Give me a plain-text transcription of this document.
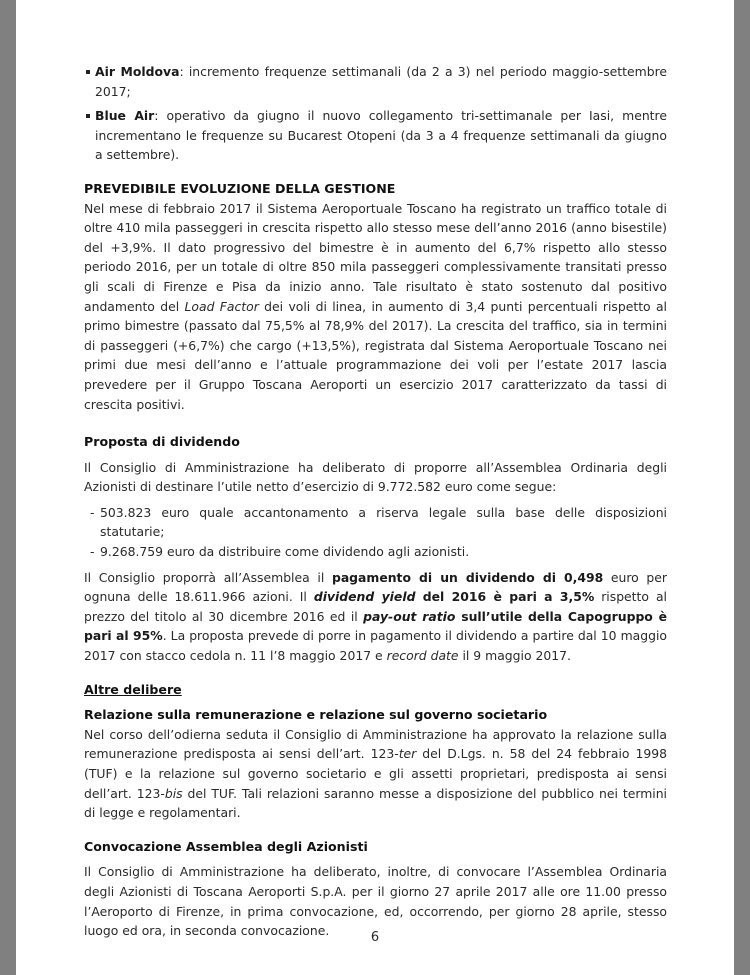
Air Moldova: incremento frequenze settimanali (da 2 a 3) nel periodo maggio-settembre 2017;
Blue Air: operativo da giugno il nuovo collegamento tri-settimanale per Iasi, mentre incrementano le frequenze su Bucarest Otopeni (da 3 a 4 frequenze settimanali da giugno a settembre).
PREVEDIBILE EVOLUZIONE DELLA GESTIONE

Nel mese di febbraio 2017 il Sistema Aeroportuale Toscano ha registrato un traffico totale di oltre 410 mila passeggeri in crescita rispetto allo stesso mese dell’anno 2016 (anno bisestile) del +3,9%. Il dato progressivo del bimestre è in aumento del 6,7% rispetto allo stesso periodo 2016, per un totale di oltre 850 mila passeggeri complessivamente transitati presso gli scali di Firenze e Pisa da inizio anno. Tale risultato è stato sostenuto dal positivo andamento del Load Factor dei voli di linea, in aumento di 3,4 punti percentuali rispetto al primo bimestre (passato dal 75,5% al 78,9% del 2017). La crescita del traffico, sia in termini di passeggeri (+6,7%) che cargo (+13,5%), registrata dal Sistema Aeroportuale Toscano nei primi due mesi dell’anno e l’attuale programmazione dei voli per l’estate 2017 lascia prevedere per il Gruppo Toscana Aeroporti un esercizio 2017 caratterizzato da tassi di crescita positivi.

Proposta di dividendo

Il Consiglio di Amministrazione ha deliberato di proporre all’Assemblea Ordinaria degli Azionisti di destinare l’utile netto d’esercizio di 9.772.582 euro come segue:

- 503.823 euro quale accantonamento a riserva legale sulla base delle disposizioni statutarie;
- 9.268.759 euro da distribuire come dividendo agli azionisti.

Il Consiglio proporrà all’Assemblea il pagamento di un dividendo di 0,498 euro per ognuna delle 18.611.966 azioni. Il dividend yield del 2016 è pari a 3,5% rispetto al prezzo del titolo al 30 dicembre 2016 ed il pay-out ratio sull’utile della Capogruppo è pari al 95%. La proposta prevede di porre in pagamento il dividendo a partire dal 10 maggio 2017 con stacco cedola n. 11 l’8 maggio 2017 e record date il 9 maggio 2017.

Altre delibere
Relazione sulla remunerazione e relazione sul governo societario

Nel corso dell’odierna seduta il Consiglio di Amministrazione ha approvato la relazione sulla remunerazione predisposta ai sensi dell’art. 123-ter del D.Lgs. n. 58 del 24 febbraio 1998 (TUF) e la relazione sul governo societario e gli assetti proprietari, predisposta ai sensi dell’art. 123-bis del TUF. Tali relazioni saranno messe a disposizione del pubblico nei termini di legge e regolamentari.

Convocazione Assemblea degli Azionisti

Il Consiglio di Amministrazione ha deliberato, inoltre, di convocare l’Assemblea Ordinaria degli Azionisti di Toscana Aeroporti S.p.A. per il giorno 27 aprile 2017 alle ore 11.00 presso l’Aeroporto di Firenze, in prima convocazione, ed, occorrendo, per giorno 28 aprile, stesso luogo ed ora, in seconda convocazione.	6
